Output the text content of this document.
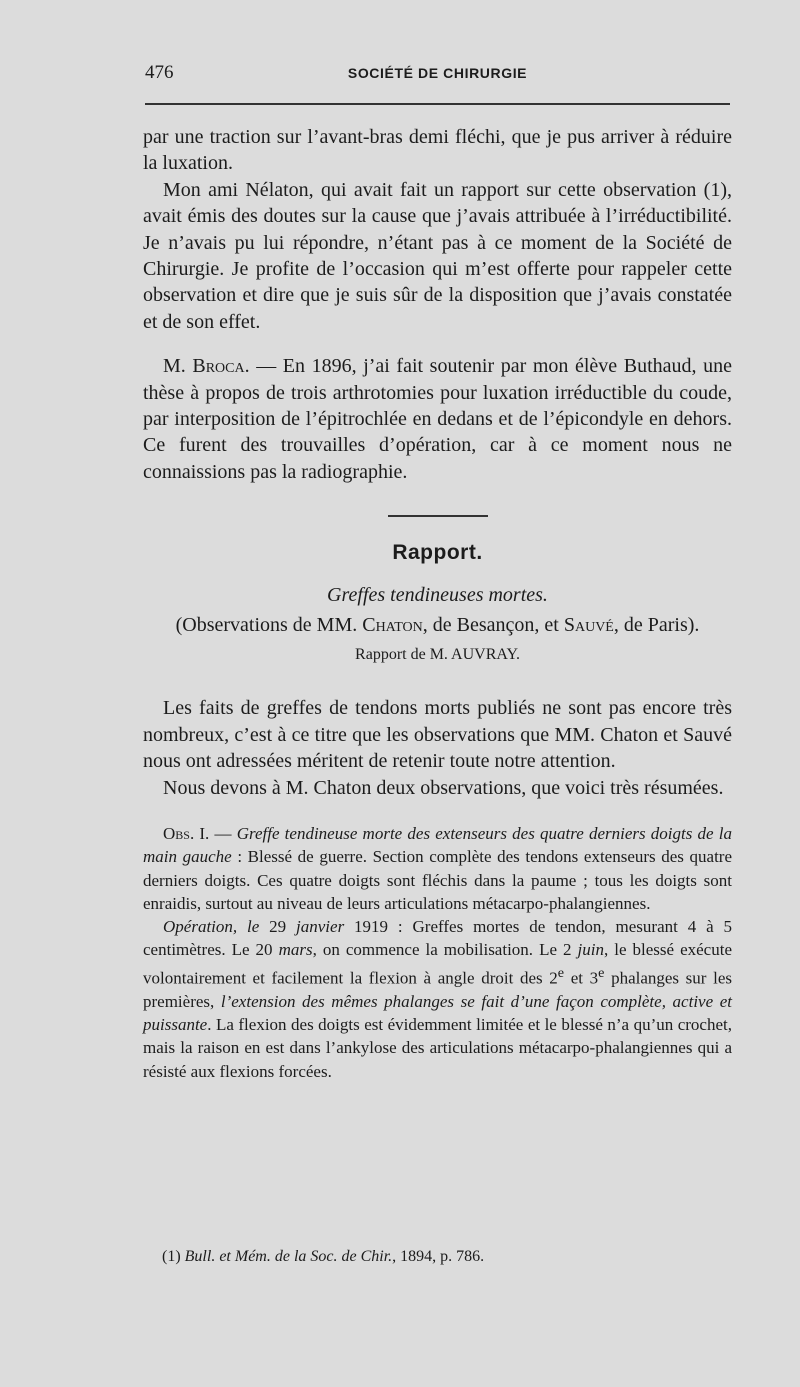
476	SOCIÉTÉ DE CHIRURGIE

par une traction sur l’avant-bras demi fléchi, que je pus arriver à réduire la luxation.

Mon ami Nélaton, qui avait fait un rapport sur cette observation (1), avait émis des doutes sur la cause que j’avais attribuée à l’irréductibilité. Je n’avais pu lui répondre, n’étant pas à ce moment de la Société de Chirurgie. Je profite de l’occasion qui m’est offerte pour rappeler cette observation et dire que je suis sûr de la disposition que j’avais constatée et de son effet.

M. Broca. — En 1896, j’ai fait soutenir par mon élève Buthaud, une thèse à propos de trois arthrotomies pour luxation irréductible du coude, par interposition de l’épitrochlée en dedans et de l’épicondyle en dehors. Ce furent des trouvailles d’opération, car à ce moment nous ne connaissions pas la radiographie.

Rapport.
Greffes tendineuses mortes.
(Observations de MM. Chaton, de Besançon, et Sauvé, de Paris).
Rapport de M. AUVRAY.

Les faits de greffes de tendons morts publiés ne sont pas encore très nombreux, c’est à ce titre que les observations que MM. Chaton et Sauvé nous ont adressées méritent de retenir toute notre attention.

Nous devons à M. Chaton deux observations, que voici très résumées.

Obs. I. — Greffe tendineuse morte des extenseurs des quatre derniers doigts de la main gauche : Blessé de guerre. Section complète des tendons extenseurs des quatre derniers doigts. Ces quatre doigts sont fléchis dans la paume ; tous les doigts sont enraidis, surtout au niveau de leurs articulations métacarpo-phalangiennes.

Opération, le 29 janvier 1919 : Greffes mortes de tendon, mesurant 4 à 5 centimètres. Le 20 mars, on commence la mobilisation. Le 2 juin, le blessé exécute volontairement et facilement la flexion à angle droit des 2e et 3e phalanges sur les premières, l’extension des mêmes phalanges se fait d’une façon complète, active et puissante. La flexion des doigts est évidemment limitée et le blessé n’a qu’un crochet, mais la raison en est dans l’ankylose des articulations métacarpo-phalangiennes qui a résisté aux flexions forcées.

(1) Bull. et Mém. de la Soc. de Chir., 1894, p. 786.
